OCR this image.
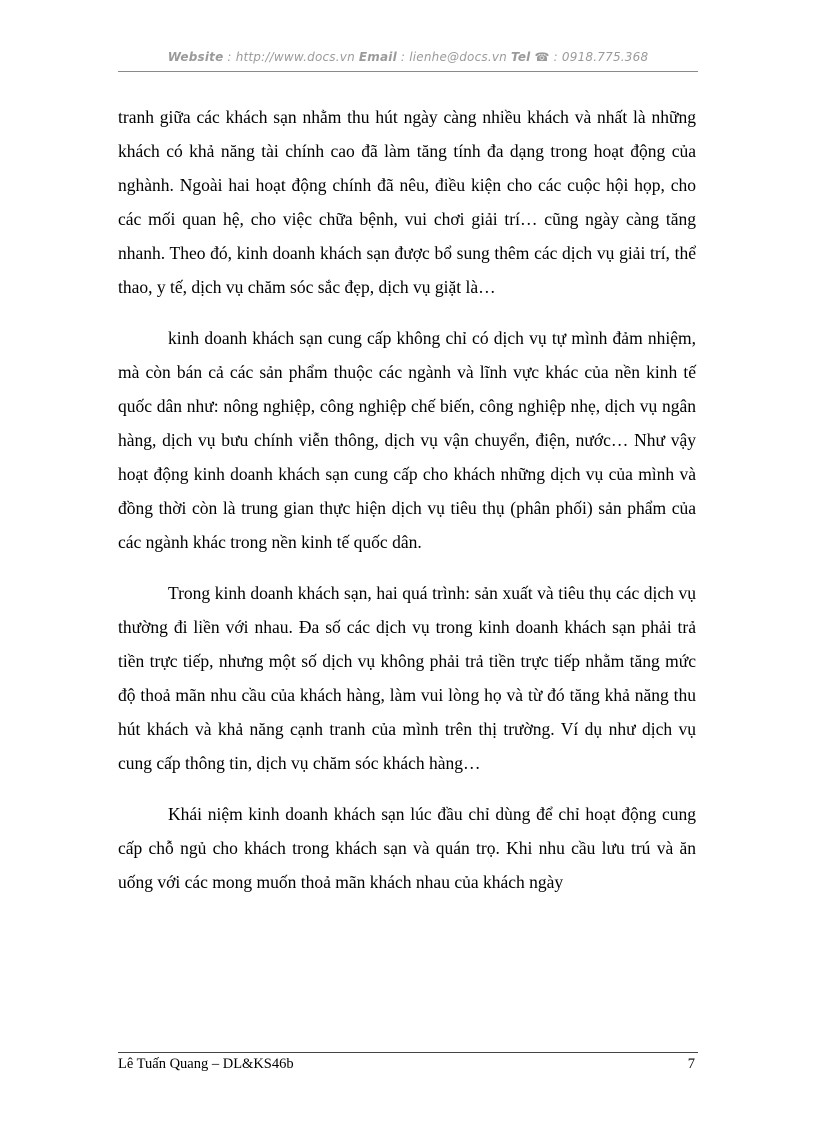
Website : http://www.docs.vn Email : lienhe@docs.vn Tel ☎ : 0918.775.368

tranh giữa các khách sạn nhằm thu hút ngày càng nhiều khách và nhất là những khách có khả năng tài chính cao đã làm tăng tính đa dạng trong hoạt động của nghành. Ngoài hai hoạt động chính đã nêu, điều kiện cho các cuộc hội họp, cho các mối quan hệ, cho việc chữa bệnh, vui chơi giải trí… cũng ngày càng tăng nhanh. Theo đó, kinh doanh khách sạn được bổ sung thêm các dịch vụ giải trí, thể thao, y tế, dịch vụ chăm sóc sắc đẹp, dịch vụ giặt là…

kinh doanh khách sạn cung cấp không chỉ có dịch vụ tự mình đảm nhiệm, mà còn bán cả các sản phẩm thuộc các ngành và lĩnh vực khác của nền kinh tế quốc dân như: nông nghiệp, công nghiệp chế biến, công nghiệp nhẹ, dịch vụ ngân hàng, dịch vụ bưu chính viễn thông, dịch vụ vận chuyển, điện, nước… Như vậy hoạt động kinh doanh khách sạn cung cấp cho khách những dịch vụ của mình và đồng thời còn là trung gian thực hiện dịch vụ tiêu thụ (phân phối) sản phẩm của các ngành khác trong nền kinh tế quốc dân.

Trong kinh doanh khách sạn, hai quá trình: sản xuất và tiêu thụ các dịch vụ thường đi liền với nhau. Đa số các dịch vụ trong kinh doanh khách sạn phải trả tiền trực tiếp, nhưng một số dịch vụ không phải trả tiền trực tiếp nhằm tăng mức độ thoả mãn nhu cầu của khách hàng, làm vui lòng họ và từ đó tăng khả năng thu hút khách và khả năng cạnh tranh của mình trên thị trường. Ví dụ như dịch vụ cung cấp thông tin, dịch vụ chăm sóc khách hàng…

Khái niệm kinh doanh khách sạn lúc đầu chỉ dùng để chỉ hoạt động cung cấp chỗ ngủ cho khách trong khách sạn và quán trọ. Khi nhu cầu lưu trú và ăn uống với các mong muốn thoả mãn khách nhau của khách ngày

Lê Tuấn Quang – DL&KS46b	7
